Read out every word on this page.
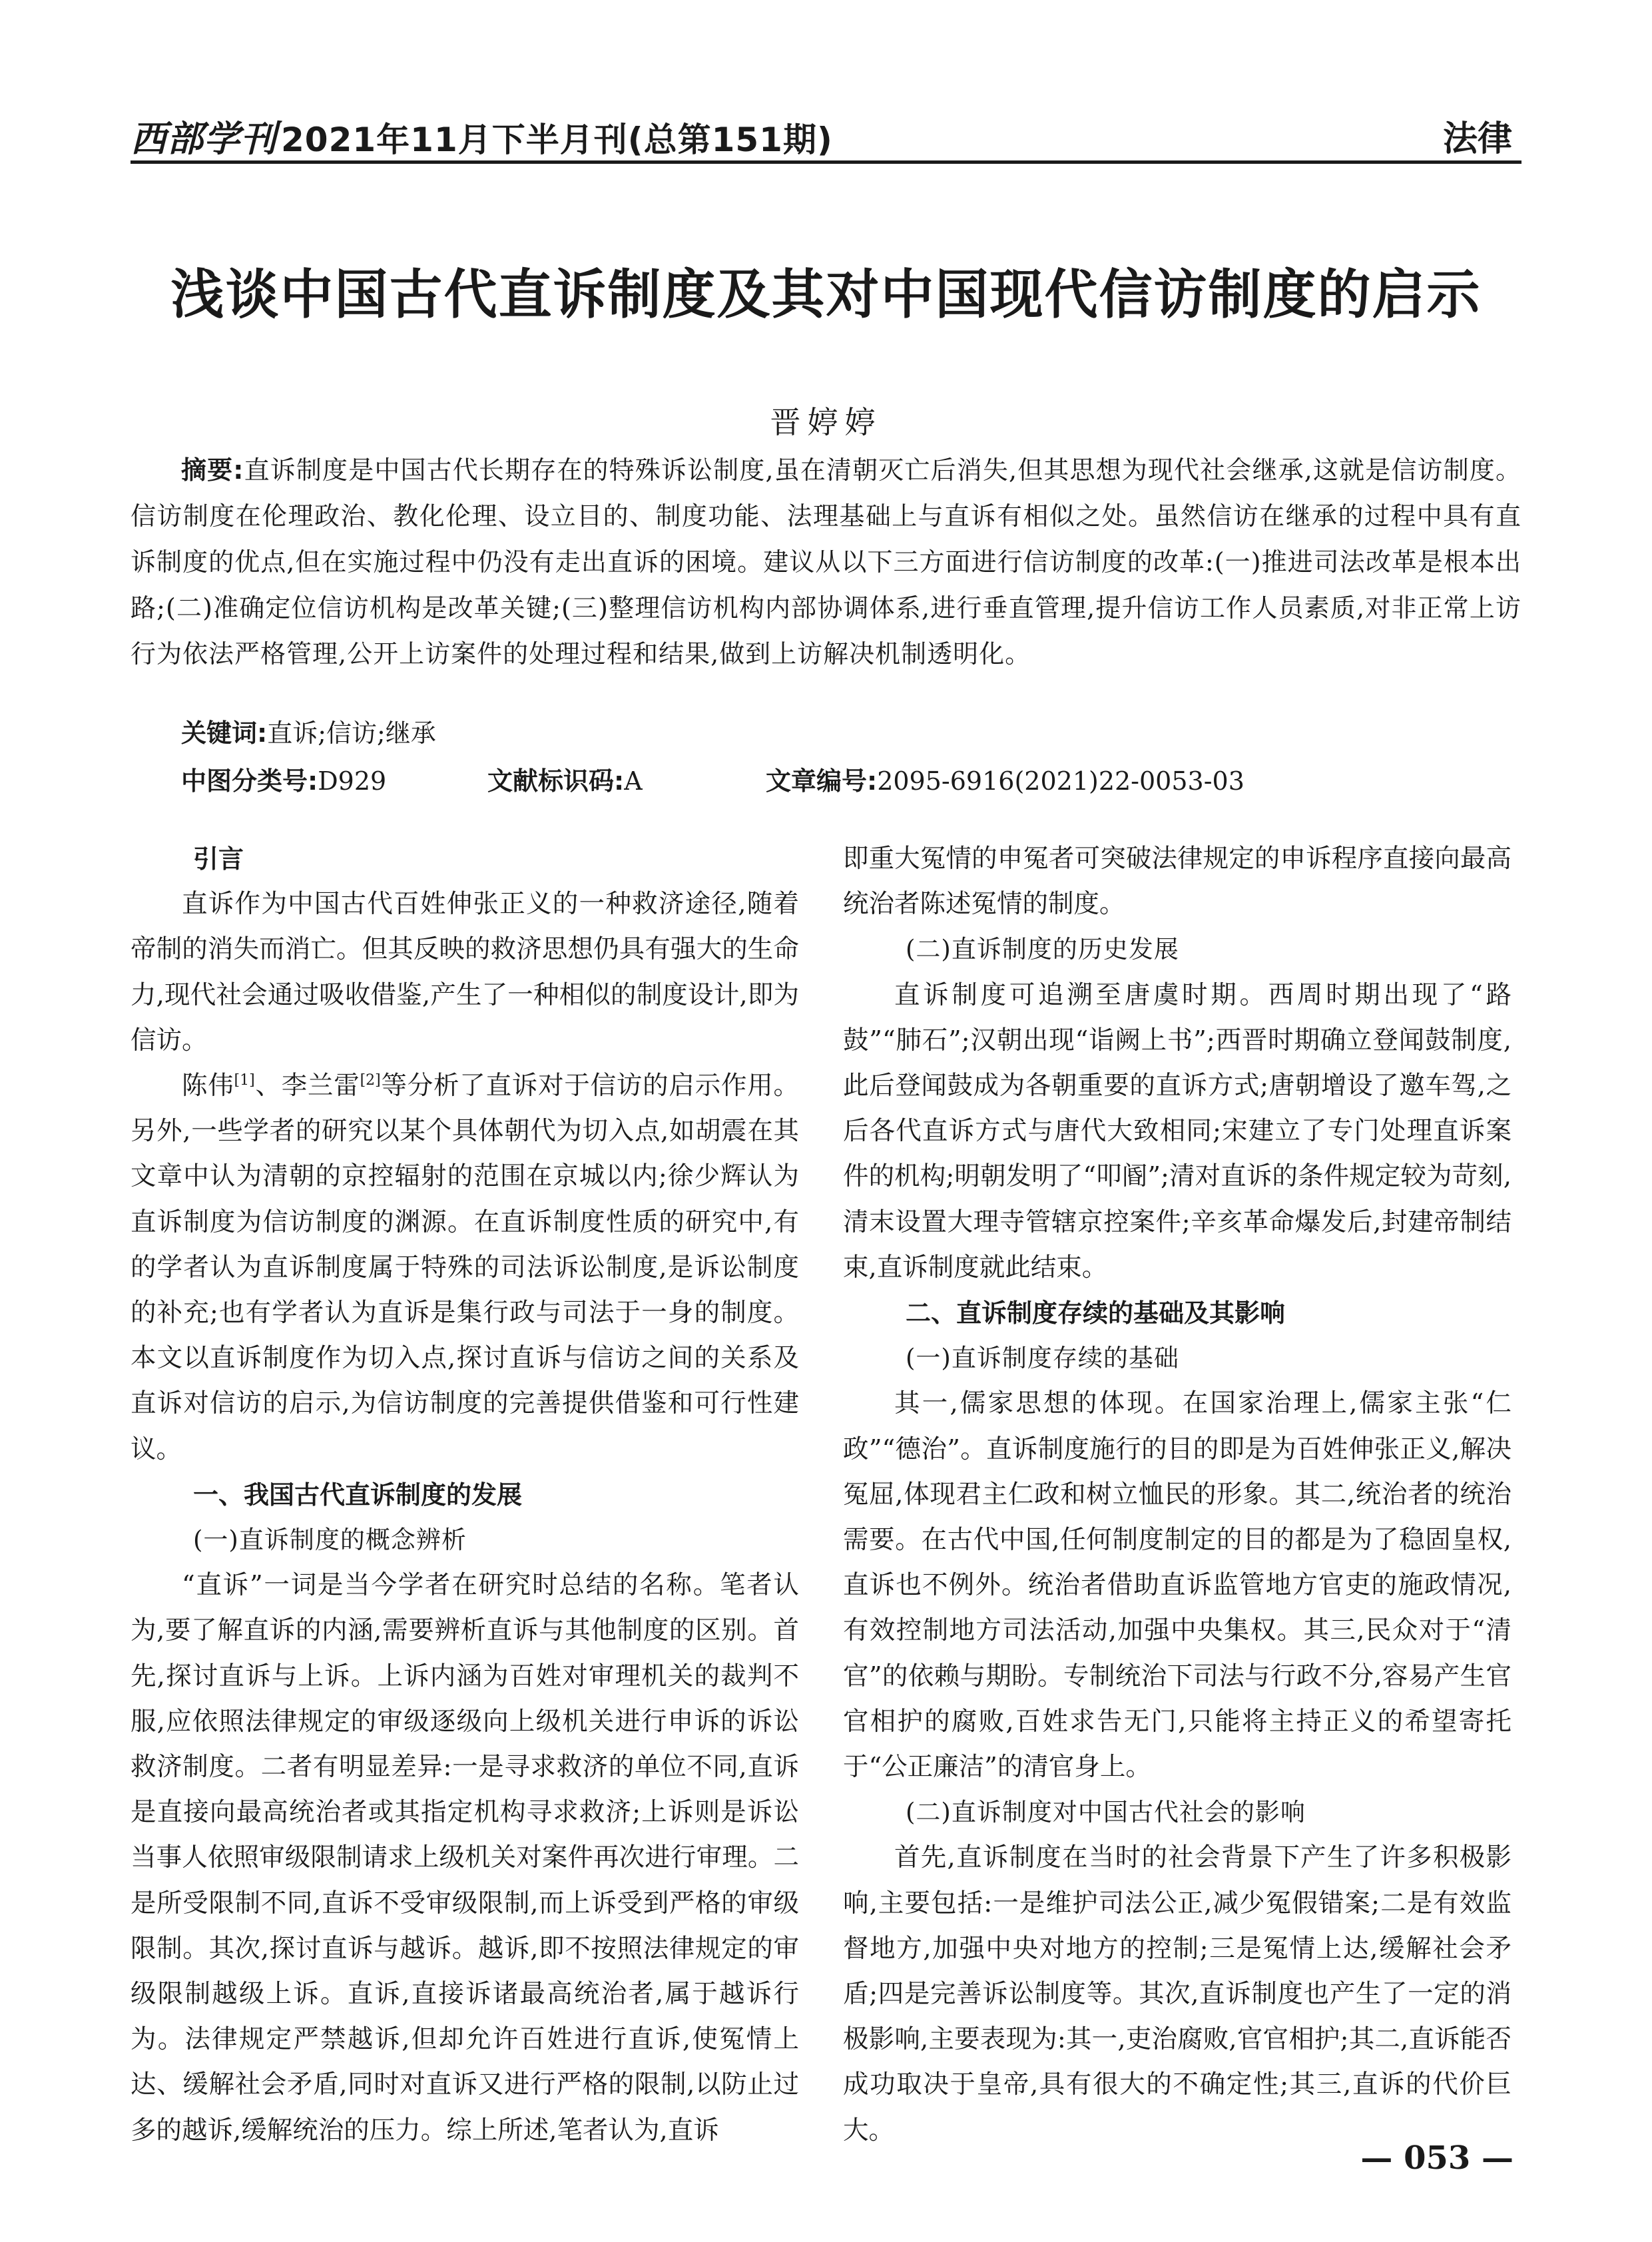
西部学刊 2021年11月下半月刊(总第151期)	法律
浅谈中国古代直诉制度及其对中国现代信访制度的启示
晋婷婷
摘要:直诉制度是中国古代长期存在的特殊诉讼制度,虽在清朝灭亡后消失,但其思想为现代社会继承,这就是信访制度。信访制度在伦理政治、教化伦理、设立目的、制度功能、法理基础上与直诉有相似之处。虽然信访在继承的过程中具有直诉制度的优点,但在实施过程中仍没有走出直诉的困境。建议从以下三方面进行信访制度的改革:(一)推进司法改革是根本出路;(二)准确定位信访机构是改革关键;(三)整理信访机构内部协调体系,进行垂直管理,提升信访工作人员素质,对非正常上访行为依法严格管理,公开上访案件的处理过程和结果,做到上访解决机制透明化。
关键词:直诉;信访;继承
中图分类号:D929	文献标识码:A	文章编号:2095-6916(2021)22-0053-03
引言

直诉作为中国古代百姓伸张正义的一种救济途径,随着帝制的消失而消亡。但其反映的救济思想仍具有强大的生命力,现代社会通过吸收借鉴,产生了一种相似的制度设计,即为信访。

陈伟[1]、李兰雷[2]等分析了直诉对于信访的启示作用。另外,一些学者的研究以某个具体朝代为切入点,如胡震在其文章中认为清朝的京控辐射的范围在京城以内;徐少辉认为直诉制度为信访制度的渊源。在直诉制度性质的研究中,有的学者认为直诉制度属于特殊的司法诉讼制度,是诉讼制度的补充;也有学者认为直诉是集行政与司法于一身的制度。本文以直诉制度作为切入点,探讨直诉与信访之间的关系及直诉对信访的启示,为信访制度的完善提供借鉴和可行性建议。

一、我国古代直诉制度的发展
(一)直诉制度的概念辨析

“直诉”一词是当今学者在研究时总结的名称。笔者认为,要了解直诉的内涵,需要辨析直诉与其他制度的区别。首先,探讨直诉与上诉。上诉内涵为百姓对审理机关的裁判不服,应依照法律规定的审级逐级向上级机关进行申诉的诉讼救济制度。二者有明显差异:一是寻求救济的单位不同,直诉是直接向最高统治者或其指定机构寻求救济;上诉则是诉讼当事人依照审级限制请求上级机关对案件再次进行审理。二是所受限制不同,直诉不受审级限制,而上诉受到严格的审级限制。其次,探讨直诉与越诉。越诉,即不按照法律规定的审级限制越级上诉。直诉,直接诉诸最高统治者,属于越诉行为。法律规定严禁越诉,但却允许百姓进行直诉,使冤情上达、缓解社会矛盾,同时对直诉又进行严格的限制,以防止过多的越诉,缓解统治的压力。综上所述,笔者认为,直诉

即重大冤情的申冤者可突破法律规定的申诉程序直接向最高统治者陈述冤情的制度。

(二)直诉制度的历史发展

直诉制度可追溯至唐虞时期。西周时期出现了“路鼓”“肺石”;汉朝出现“诣阙上书”;西晋时期确立登闻鼓制度,此后登闻鼓成为各朝重要的直诉方式;唐朝增设了邀车驾,之后各代直诉方式与唐代大致相同;宋建立了专门处理直诉案件的机构;明朝发明了“叩阍”;清对直诉的条件规定较为苛刻,清末设置大理寺管辖京控案件;辛亥革命爆发后,封建帝制结束,直诉制度就此结束。

二、直诉制度存续的基础及其影响
(一)直诉制度存续的基础

其一,儒家思想的体现。在国家治理上,儒家主张“仁政”“德治”。直诉制度施行的目的即是为百姓伸张正义,解决冤屈,体现君主仁政和树立恤民的形象。其二,统治者的统治需要。在古代中国,任何制度制定的目的都是为了稳固皇权,直诉也不例外。统治者借助直诉监管地方官吏的施政情况,有效控制地方司法活动,加强中央集权。其三,民众对于“清官”的依赖与期盼。专制统治下司法与行政不分,容易产生官官相护的腐败,百姓求告无门,只能将主持正义的希望寄托于“公正廉洁”的清官身上。

(二)直诉制度对中国古代社会的影响

首先,直诉制度在当时的社会背景下产生了许多积极影响,主要包括:一是维护司法公正,减少冤假错案;二是有效监督地方,加强中央对地方的控制;三是冤情上达,缓解社会矛盾;四是完善诉讼制度等。其次,直诉制度也产生了一定的消极影响,主要表现为:其一,吏治腐败,官官相护;其二,直诉能否成功取决于皇帝,具有很大的不确定性;其三,直诉的代价巨大。

— 053 —
